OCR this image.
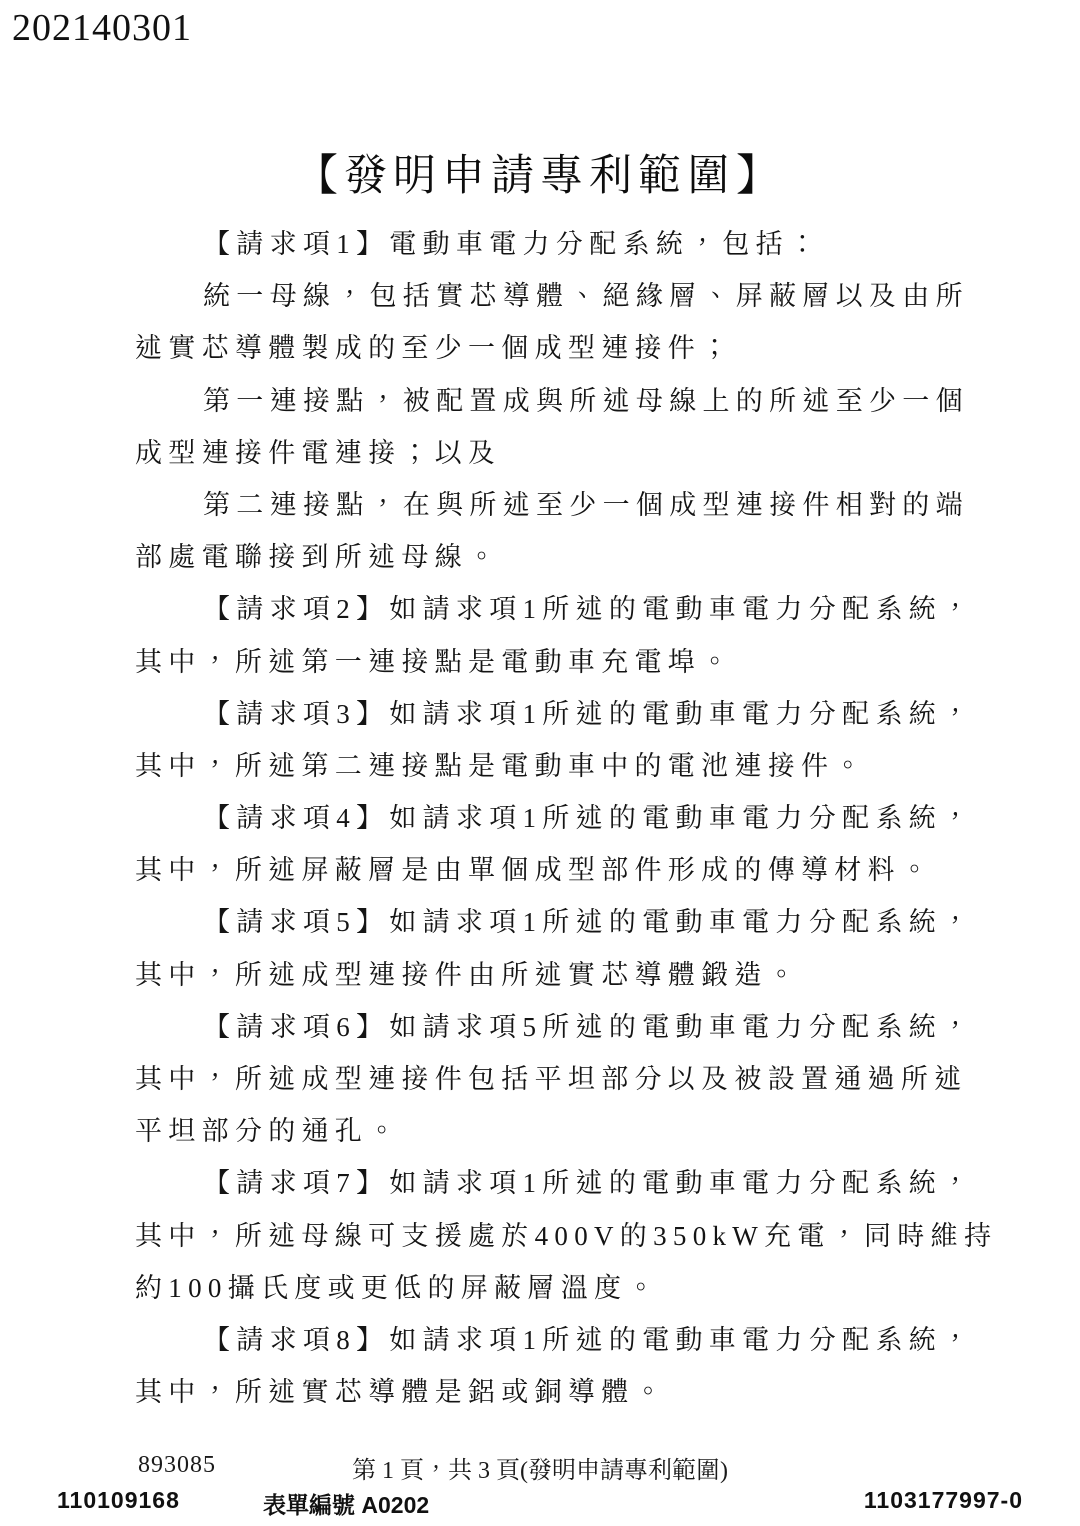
202140301
【發明申請專利範圍】
【請求項1】電動車電力分配系統，包括：
統一母線，包括實芯導體、絕緣層、屏蔽層以及由所
述實芯導體製成的至少一個成型連接件；
第一連接點，被配置成與所述母線上的所述至少一個
成型連接件電連接；以及
第二連接點，在與所述至少一個成型連接件相對的端
部處電聯接到所述母線。
【請求項2】如請求項1所述的電動車電力分配系統，
其中，所述第一連接點是電動車充電埠。
【請求項3】如請求項1所述的電動車電力分配系統，
其中，所述第二連接點是電動車中的電池連接件。
【請求項4】如請求項1所述的電動車電力分配系統，
其中，所述屏蔽層是由單個成型部件形成的傳導材料。
【請求項5】如請求項1所述的電動車電力分配系統，
其中，所述成型連接件由所述實芯導體鍛造。
【請求項6】如請求項5所述的電動車電力分配系統，
其中，所述成型連接件包括平坦部分以及被設置通過所述
平坦部分的通孔。
【請求項7】如請求項1所述的電動車電力分配系統，
其中，所述母線可支援處於400V的350kW充電，同時維持
約100攝氏度或更低的屏蔽層溫度。
【請求項8】如請求項1所述的電動車電力分配系統，
其中，所述實芯導體是鋁或銅導體。
893085	第 1 頁，共 3 頁(發明申請專利範圍)
110109168	表單編號 A0202	1103177997-0
